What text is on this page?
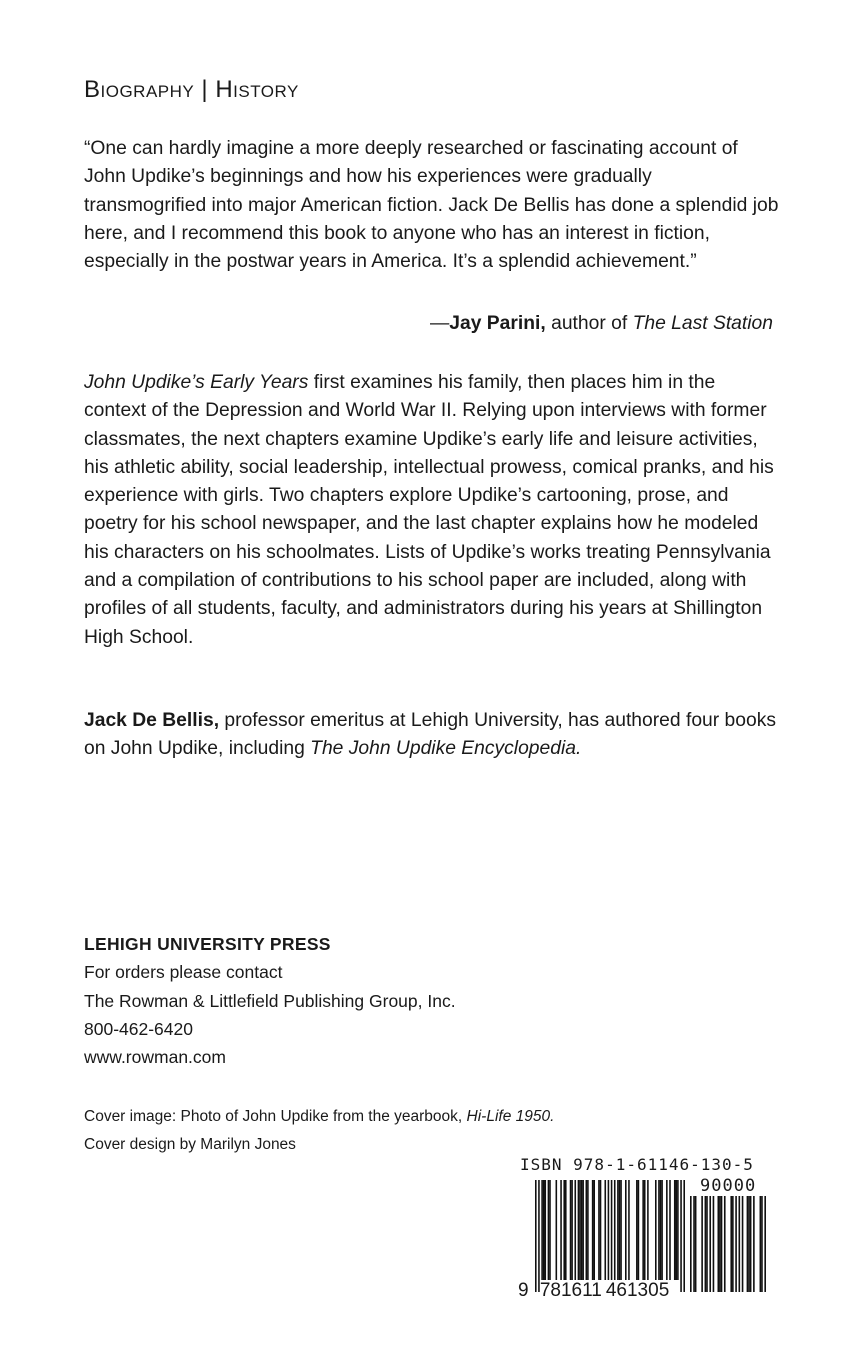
Biography | History
“One can hardly imagine a more deeply researched or fascinating account of John Updike’s beginnings and how his experiences were gradually transmogrified into major American fiction. Jack De Bellis has done a splendid job here, and I recommend this book to anyone who has an interest in fiction, especially in the postwar years in America. It’s a splendid achievement.”
—Jay Parini, author of The Last Station
John Updike’s Early Years first examines his family, then places him in the context of the Depression and World War II. Relying upon interviews with former classmates, the next chapters examine Updike’s early life and leisure activities, his athletic ability, social leadership, intellectual prowess, comical pranks, and his experience with girls. Two chapters explore Updike’s cartooning, prose, and poetry for his school newspaper, and the last chapter explains how he modeled his characters on his schoolmates. Lists of Updike’s works treating Pennsylvania and a compilation of contributions to his school paper are included, along with profiles of all students, faculty, and administrators during his years at Shillington High School.
Jack De Bellis, professor emeritus at Lehigh University, has authored four books on John Updike, including The John Updike Encyclopedia.
LEHIGH UNIVERSITY PRESS
For orders please contact
The Rowman & Littlefield Publishing Group, Inc.
800-462-6420
www.rowman.com
Cover image: Photo of John Updike from the yearbook, Hi-Life 1950.
Cover design by Marilyn Jones
ISBN 978-1-61146-130-5
90000
9 781611 461305
